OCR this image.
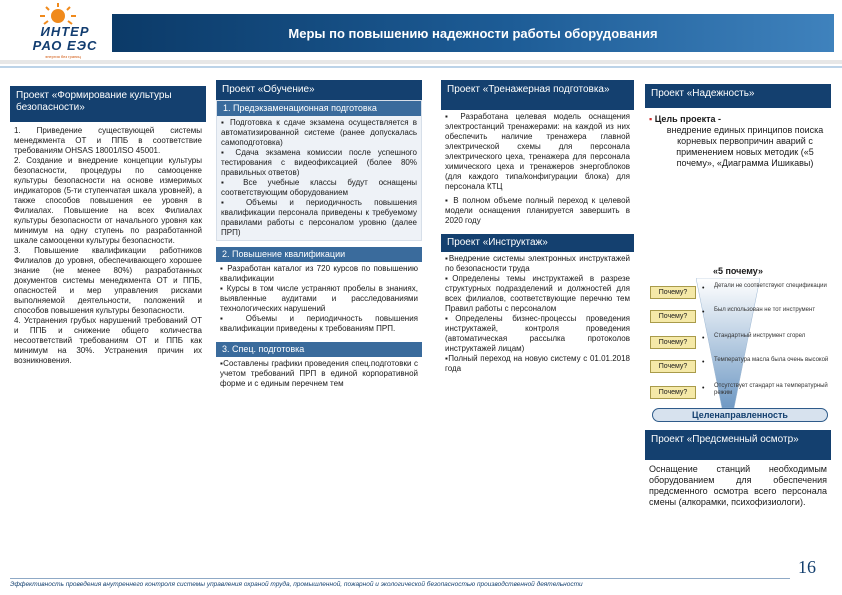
ИНТЕР
РАО ЕЭС
энергия без границ
Меры по повышению надежности работы оборудования
Проект «Формирование культуры безопасности»

1. Приведение существующей системы менеджмента ОТ и ППБ в соответствие требованиям OHSAS 18001/ISO 45001.

2. Создание и внедрение концепции культуры безопасности, процедуры по самооценке культуры безопасности на основе измеримых индикаторов (5-ти ступенчатая шкала уровней), а также способов повышения ее уровня в Филиалах. Повышение на всех Филиалах культуры безопасности от начального уровня как минимум на одну ступень по разработанной шкале самооценки культуры безопасности.

3. Повышение квалификации работников Филиалов до уровня, обеспечивающего хорошее знание (не менее 80%) разработанных документов системы менеджмента ОТ и ППБ, опасностей и мер управления рисками выполняемой деятельности, положений и способов повышения культуры безопасности.

4. Устранения грубых нарушений требований ОТ и ППБ и снижение общего количества несоответствий требованиям ОТ и ППБ как минимум на 30%. Устранения причин их возникновения.

Проект «Обучение»
1. Предэкзаменационная подготовка

▪ Подготовка к сдаче экзамена осуществляется в автоматизированной системе (ранее допускалась самоподготовка)

▪ Сдача экзамена комиссии после успешного тестирования с видеофиксацией (более 80% правильных ответов)

▪ Все учебные классы будут оснащены соответствующим оборудованием

▪ Объемы и периодичность повышения квалификации персонала приведены к требуемому правилами работы с персоналом уровню (далее ПРП)

2. Повышение квалификации

▪ Разработан каталог из 720 курсов по повышению квалификации

▪ Курсы в том числе устраняют пробелы в знаниях, выявленные аудитами и расследованиями технологических нарушений

▪ Объемы и периодичность повышения квалификации приведены к требованиям ПРП.

3. Спец. подготовка

▪Составлены графики проведения спец.подготовки с учетом требований ПРП в единой корпоративной форме и с единым перечнем тем

Проект «Тренажерная подготовка»

▪ Разработана целевая модель оснащения электростанций тренажерами: на каждой из них обеспечить наличие тренажера главной электрической схемы для персонала электрического цеха, тренажера для персонала химического цеха и тренажеров энергоблоков (для каждого типа/конфигурации блока) для персонала КТЦ

▪ В полном объеме полный переход к целевой модели оснащения планируется завершить в 2020 году

Проект «Инструктаж»

▪Внедрение системы электронных инструктажей по безопасности труда

▪Определены темы инструктажей в разрезе структурных подразделений и должностей для всех филиалов, соответствующие перечню тем Правил работы с персоналом

▪Определены бизнес-процессы проведения инструктажей, контроля проведения (автоматическая рассылка протоколов инструктажей лицам)

▪Полный переход на новую систему с 01.01.2018 года

Проект «Надежность»
▪ Цель проекта -
внедрение единых принципов поиска корневых первопричин аварий с применением новых методик («5 почему», «Диаграмма Ишикавы)
«5 почему»
Почему?
• Детали не соответствуют спецификации
Почему?
• Был использован не тот инструмент
Почему?
• Стандартный инструмент сгорел
Почему?
• Температура масла была очень высокой
Почему?
• Отсутствует стандарт на температурный режим
Целенаправленность
Проект «Предсменный осмотр»
Оснащение станций необходимым оборудованием для обеспечения предсменного осмотра всего персонала смены (алкорамки, психофизиологи).
Эффективность проведения внутреннего контроля системы управления охраной труда, промышленной, пожарной и экологической безопасностью производственной деятельности
16
